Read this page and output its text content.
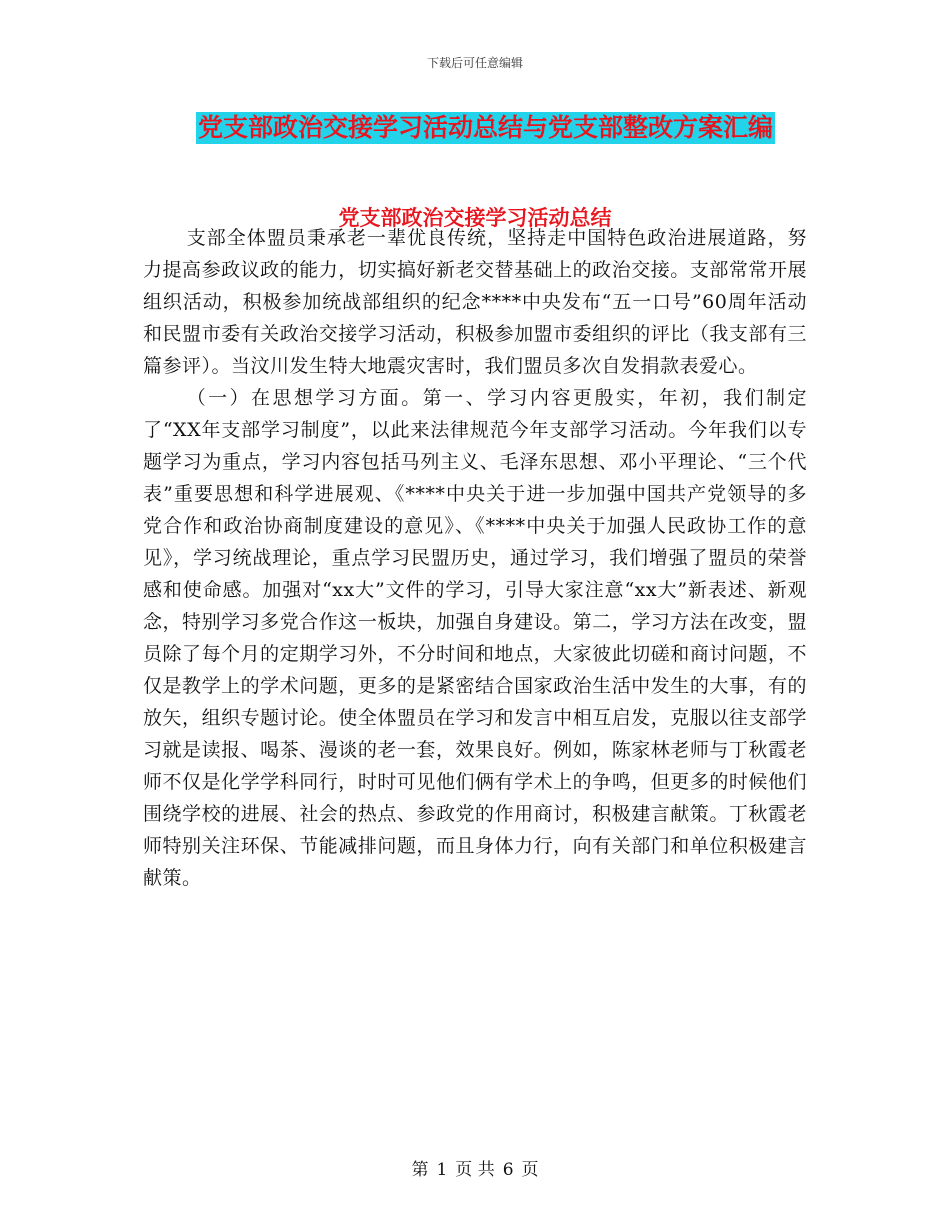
下载后可任意编辑
党支部政治交接学习活动总结与党支部整改方案汇编
党支部政治交接学习活动总结

支部全体盟员秉承老一辈优良传统，坚持走中国特色政治进展道路，努力提高参政议政的能力，切实搞好新老交替基础上的政治交接。支部常常开展组织活动，积极参加统战部组织的纪念****中央发布“五一口号”60周年活动和民盟市委有关政治交接学习活动，积极参加盟市委组织的评比（我支部有三篇参评）。当汶川发生特大地震灾害时，我们盟员多次自发捐款表爱心。

（一）在思想学习方面。第一、学习内容更殷实，年初，我们制定了“XX年支部学习制度”，以此来法律规范今年支部学习活动。今年我们以专题学习为重点，学习内容包括马列主义、毛泽东思想、邓小平理论、“三个代表”重要思想和科学进展观、《****中央关于进一步加强中国共产党领导的多党合作和政治协商制度建设的意见》、《****中央关于加强人民政协工作的意见》，学习统战理论，重点学习民盟历史，通过学习，我们增强了盟员的荣誉感和使命感。加强对“xx大”文件的学习，引导大家注意“xx大”新表述、新观念，特别学习多党合作这一板块，加强自身建设。第二，学习方法在改变，盟员除了每个月的定期学习外，不分时间和地点，大家彼此切磋和商讨问题，不仅是教学上的学术问题，更多的是紧密结合国家政治生活中发生的大事，有的放矢，组织专题讨论。使全体盟员在学习和发言中相互启发，克服以往支部学习就是读报、喝茶、漫谈的老一套，效果良好。例如，陈家林老师与丁秋霞老师不仅是化学学科同行，时时可见他们俩有学术上的争鸣，但更多的时候他们围绕学校的进展、社会的热点、参政党的作用商讨，积极建言献策。丁秋霞老师特别关注环保、节能减排问题，而且身体力行，向有关部门和单位积极建言献策。

第 1 页 共 6 页
